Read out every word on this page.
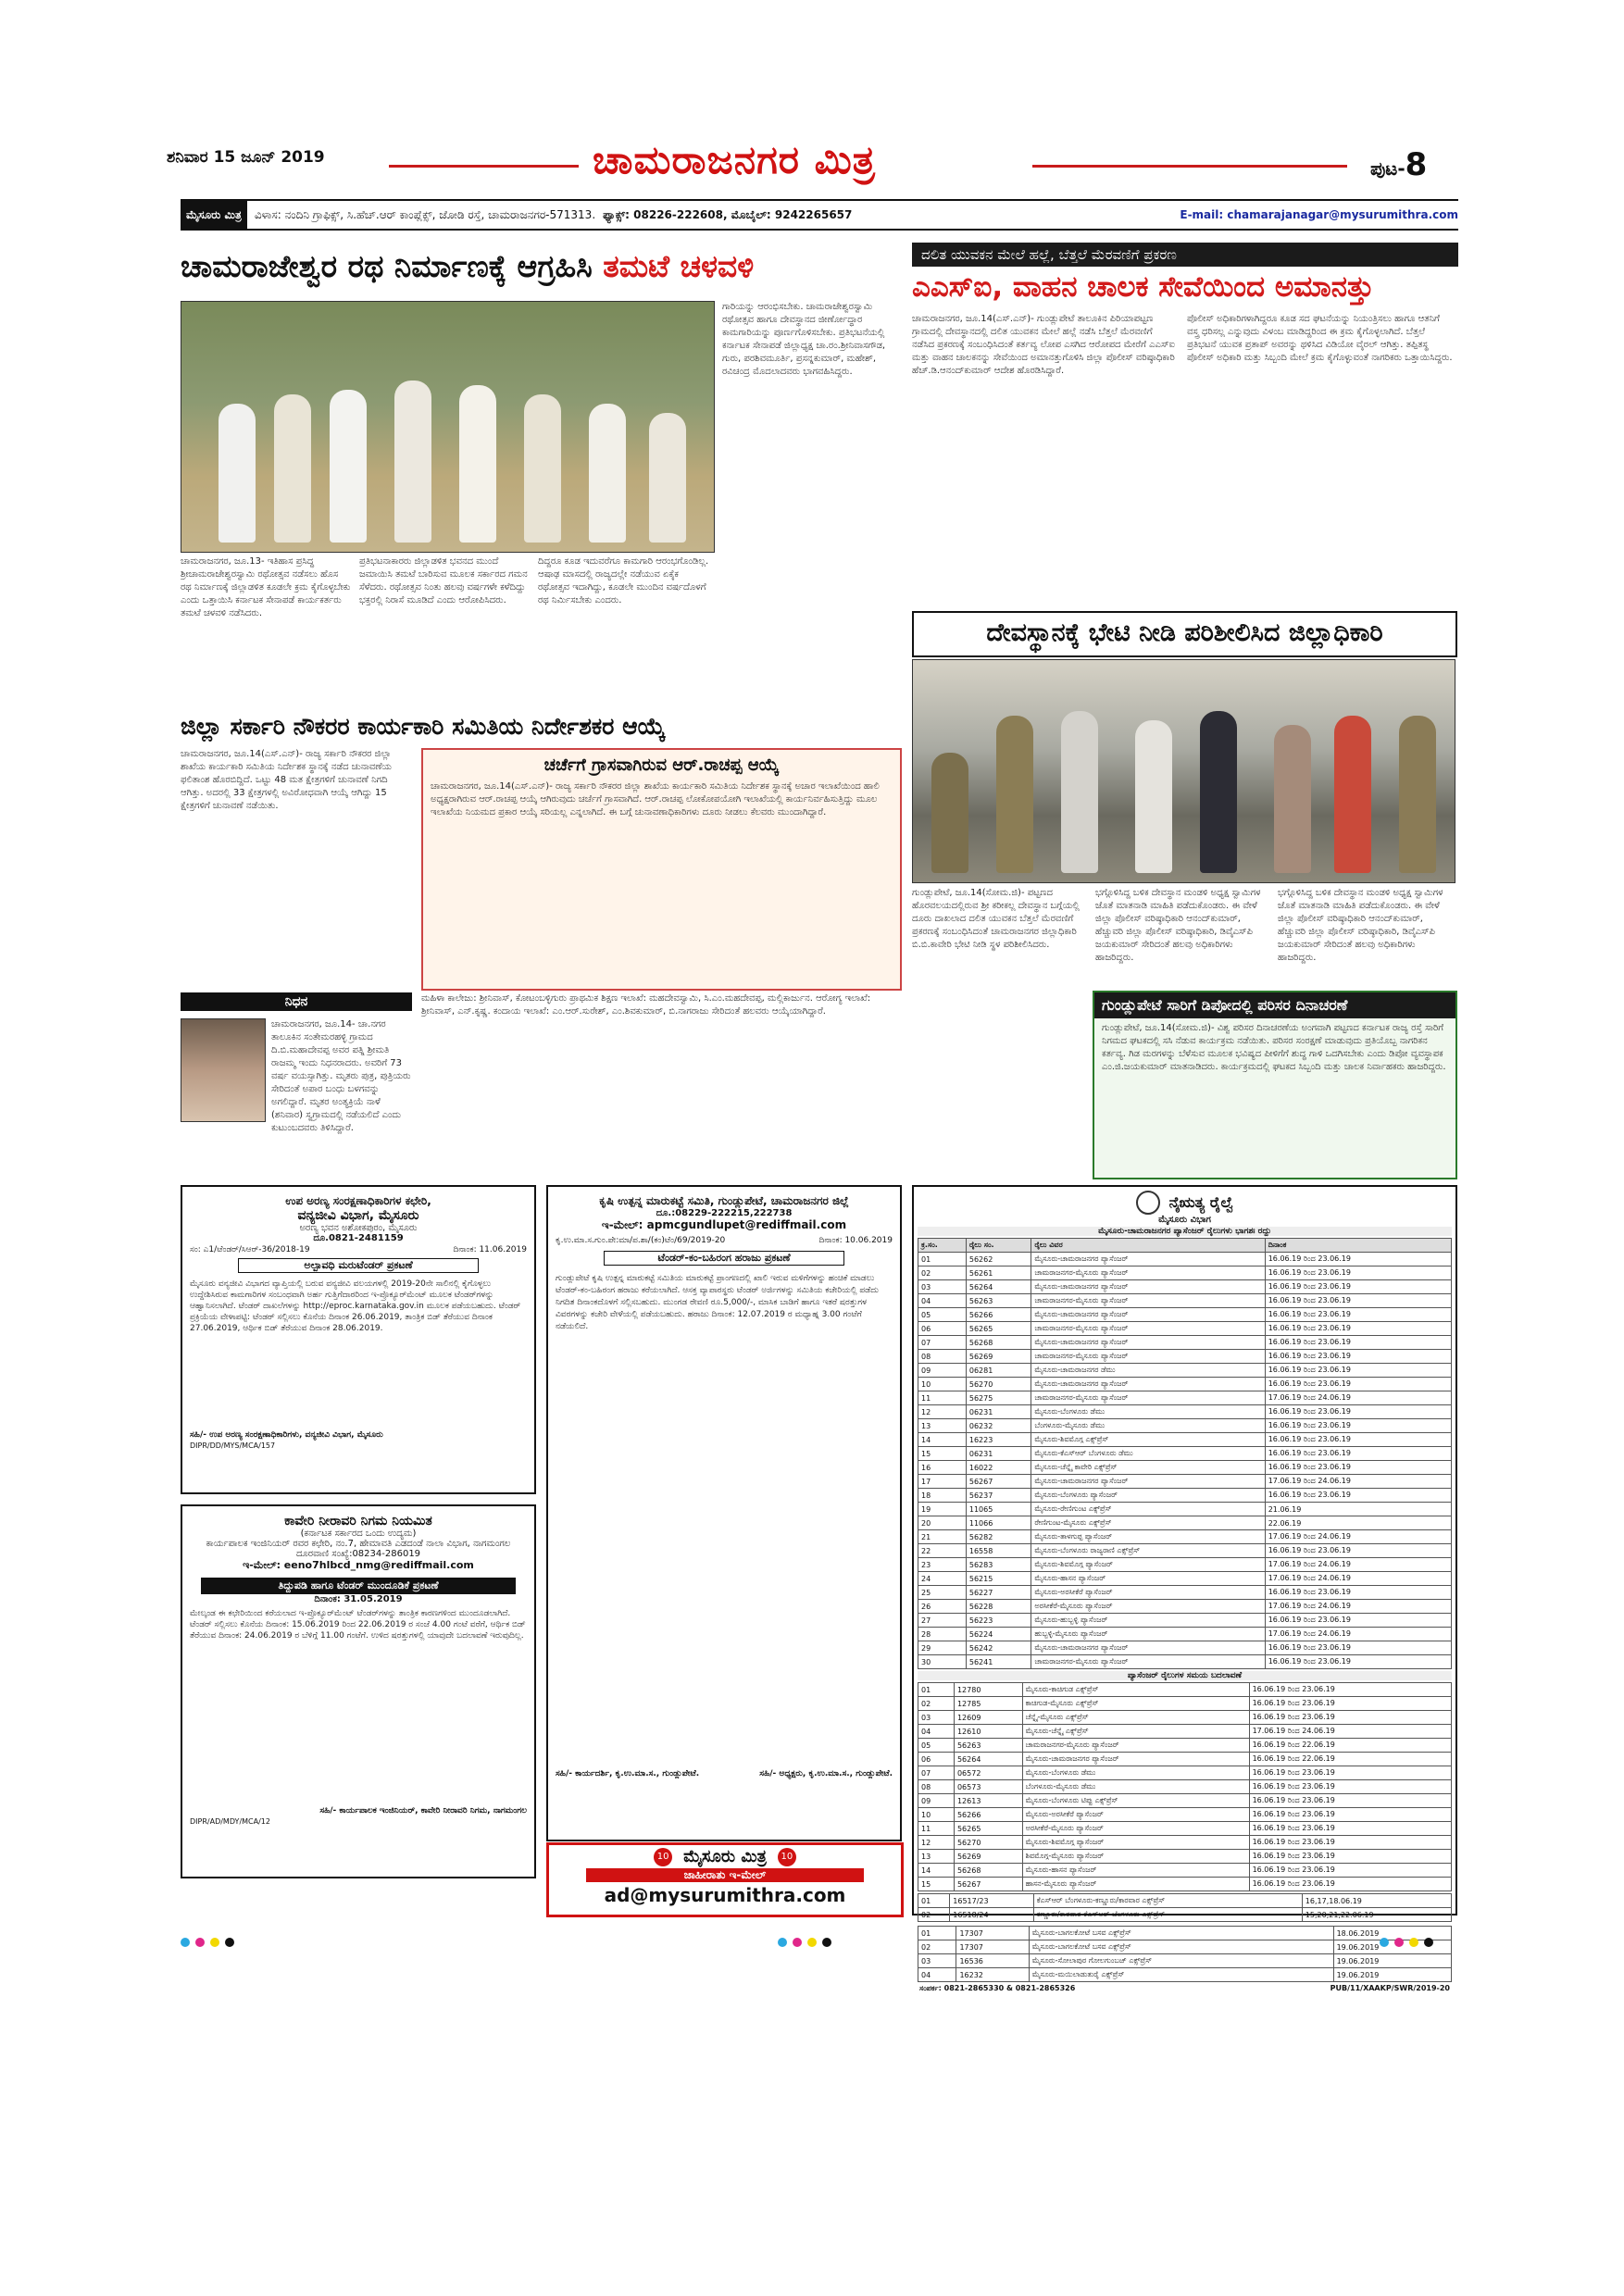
ಶನಿವಾರ 15 ಜೂನ್ 2019	ಚಾಮರಾಜನಗರ ಮಿತ್ರ	ಪುಟ-8
ಮೈಸೂರು ಮಿತ್ರ	ವಿಳಾಸ: ನಂದಿನಿ ಗ್ರಾಫಿಕ್ಸ್, ಸಿ.ಹೆಚ್.ಆರ್ ಕಾಂಪ್ಲೆಕ್ಸ್, ಜೋಡಿ ರಸ್ತೆ, ಚಾಮರಾಜನಗರ-571313. ಫ್ಯಾಕ್ಸ್: 08226-222608, ಮೊಬೈಲ್: 9242265657	E-mail: chamarajanagar@mysurumithra.com
ಚಾಮರಾಜೇಶ್ವರ ರಥ ನಿರ್ಮಾಣಕ್ಕೆ ಆಗ್ರಹಿಸಿ ತಮಟೆ ಚಳವಳಿ
ಗಾರಿಯನ್ನು ಆರಂಭಿಸಬೇಕು. ಚಾಮರಾಜೇಶ್ವರಸ್ವಾಮಿ ರಥೋತ್ಸವ ಹಾಗೂ ದೇವಸ್ಥಾನದ ಜೀರ್ಣೋದ್ಧಾರ ಕಾಮಗಾರಿಯನ್ನು ಪೂರ್ಣಗೊಳಿಸಬೇಕು. ಪ್ರತಿಭಟನೆಯಲ್ಲಿ ಕರ್ನಾಟಕ ಸೇನಾಪಡೆ ಜಿಲ್ಲಾಧ್ಯಕ್ಷ ಚಾ.ರಂ.ಶ್ರೀನಿವಾಸಗೌಡ, ಗುರು, ಪರಶಿವಮೂರ್ತಿ, ಪ್ರಸನ್ನಕುಮಾರ್, ಮಹೇಶ್, ರವಿಚಂದ್ರ ಮೊದಲಾದವರು ಭಾಗವಹಿಸಿದ್ದರು.
ಚಾಮರಾಜನಗರ, ಜೂ.13- ಇತಿಹಾಸ ಪ್ರಸಿದ್ಧ ಶ್ರೀಚಾಮರಾಜೇಶ್ವರಸ್ವಾಮಿ ರಥೋತ್ಸವ ನಡೆಸಲು ಹೊಸ ರಥ ನಿರ್ಮಾಣಕ್ಕೆ ಜಿಲ್ಲಾಡಳಿತ ಕೂಡಲೇ ಕ್ರಮ ಕೈಗೊಳ್ಳಬೇಕು ಎಂದು ಒತ್ತಾಯಿಸಿ ಕರ್ನಾಟಕ ಸೇನಾಪಡೆ ಕಾರ್ಯಕರ್ತರು ತಮಟೆ ಚಳವಳಿ ನಡೆಸಿದರು.
ಪ್ರತಿಭಟನಾಕಾರರು ಜಿಲ್ಲಾಡಳಿತ ಭವನದ ಮುಂದೆ ಜಮಾಯಿಸಿ ತಮಟೆ ಬಾರಿಸುವ ಮೂಲಕ ಸರ್ಕಾರದ ಗಮನ ಸೆಳೆದರು. ರಥೋತ್ಸವ ನಿಂತು ಹಲವು ವರ್ಷಗಳೇ ಕಳೆದಿದ್ದು ಭಕ್ತರಲ್ಲಿ ನಿರಾಸೆ ಮೂಡಿದೆ ಎಂದು ಆರೋಪಿಸಿದರು.
ದಿದ್ದರೂ ಕೂಡ ಇದುವರೆಗೂ ಕಾಮಗಾರಿ ಆರಂಭಗೊಂಡಿಲ್ಲ. ಆಷಾಢ ಮಾಸದಲ್ಲಿ ರಾಜ್ಯದಲ್ಲೇ ನಡೆಯುವ ಏಕೈಕ ರಥೋತ್ಸವ ಇದಾಗಿದ್ದು, ಕೂಡಲೇ ಮುಂದಿನ ವರ್ಷದೊಳಗೆ ರಥ ನಿರ್ಮಿಸಬೇಕು ಎಂದರು.
ದಲಿತ ಯುವಕನ ಮೇಲೆ ಹಲ್ಲೆ, ಬೆತ್ತಲೆ ಮೆರವಣಿಗೆ ಪ್ರಕರಣ
ಎಎಸ್‌ಐ, ವಾಹನ ಚಾಲಕ ಸೇವೆಯಿಂದ ಅಮಾನತ್ತು
ಚಾಮರಾಜನಗರ, ಜೂ.14(ಎಸ್.ಎನ್)- ಗುಂಡ್ಲುಪೇಟೆ ತಾಲೂಕಿನ ಪಿರಿಯಾಪಟ್ಟಣ ಗ್ರಾಮದಲ್ಲಿ ದೇವಸ್ಥಾನದಲ್ಲಿ ದಲಿತ ಯುವಕನ ಮೇಲೆ ಹಲ್ಲೆ ನಡೆಸಿ ಬೆತ್ತಲೆ ಮೆರವಣಿಗೆ ನಡೆಸಿದ ಪ್ರಕರಣಕ್ಕೆ ಸಂಬಂಧಿಸಿದಂತೆ ಕರ್ತವ್ಯ ಲೋಪ ಎಸಗಿದ ಆರೋಪದ ಮೇರೆಗೆ ಎಎಸ್‌ಐ ಮತ್ತು ವಾಹನ ಚಾಲಕನನ್ನು ಸೇವೆಯಿಂದ ಅಮಾನತ್ತುಗೊಳಿಸಿ ಜಿಲ್ಲಾ ಪೊಲೀಸ್ ವರಿಷ್ಠಾಧಿಕಾರಿ ಹೆಚ್.ಡಿ.ಆನಂದ್‌ಕುಮಾರ್ ಆದೇಶ ಹೊರಡಿಸಿದ್ದಾರೆ.
ಪೊಲೀಸ್ ಅಧಿಕಾರಿಗಳಾಗಿದ್ದರೂ ಕೂಡ ಸದ ಘಟನೆಯನ್ನು ನಿಯಂತ್ರಿಸಲು ಹಾಗೂ ಆತನಿಗೆ ವಸ್ತ್ರ ಧರಿಸಲ್ಲ ಎನ್ನುವುದು ವಿಳಂಬ ಮಾಡಿದ್ದರಿಂದ ಈ ಕ್ರಮ ಕೈಗೊಳ್ಳಲಾಗಿದೆ. ಬೆತ್ತಲೆ ಪ್ರತಿಭಟನೆ ಯುವಕ ಪ್ರತಾಪ್ ಅವರನ್ನು ಥಳಿಸಿದ ವಿಡಿಯೋ ವೈರಲ್ ಆಗಿತ್ತು. ತಪ್ಪಿತಸ್ಥ ಪೊಲೀಸ್ ಅಧಿಕಾರಿ ಮತ್ತು ಸಿಬ್ಬಂದಿ ಮೇಲೆ ಕ್ರಮ ಕೈಗೊಳ್ಳುವಂತೆ ನಾಗರಿಕರು ಒತ್ತಾಯಿಸಿದ್ದರು.
ದೇವಸ್ಥಾನಕ್ಕೆ ಭೇಟಿ ನೀಡಿ ಪರಿಶೀಲಿಸಿದ ಜಿಲ್ಲಾಧಿಕಾರಿ
ಗುಂಡ್ಲುಪೇಟೆ, ಜೂ.14(ಸೋಮ.ಜಿ)- ಪಟ್ಟಣದ ಹೊರವಲಯದಲ್ಲಿರುವ ಶ್ರೀ ಕರೀಕಲ್ಲ ದೇವಸ್ಥಾನ ಬಗ್ಗೆಯಲ್ಲಿ ದೂರು ದಾಖಲಾದ ದಲಿತ ಯುವಕನ ಬೆತ್ತಲೆ ಮೆರವಣಿಗೆ ಪ್ರಕರಣಕ್ಕೆ ಸಂಬಂಧಿಸಿದಂತೆ ಚಾಮರಾಜನಗರ ಜಿಲ್ಲಾಧಿಕಾರಿ ಬಿ.ಬಿ.ಕಾವೇರಿ ಭೇಟಿ ನೀಡಿ ಸ್ಥಳ ಪರಿಶೀಲಿಸಿದರು.
ಭಗ್ಗೊಳಿಸಿದ್ದ ಬಳಿಕ ದೇವಸ್ಥಾನ ಮಂಡಳಿ ಅಧ್ಯಕ್ಷ ಸ್ವಾಮಿಗಳ ಜೊತೆ ಮಾತನಾಡಿ ಮಾಹಿತಿ ಪಡೆದುಕೊಂಡರು. ಈ ವೇಳೆ ಜಿಲ್ಲಾ ಪೊಲೀಸ್ ವರಿಷ್ಠಾಧಿಕಾರಿ ಆನಂದ್‌ಕುಮಾರ್, ಹೆಚ್ಚುವರಿ ಜಿಲ್ಲಾ ಪೊಲೀಸ್ ವರಿಷ್ಠಾಧಿಕಾರಿ, ಡಿವೈಎಸ್‌ಪಿ ಜಯಕುಮಾರ್ ಸೇರಿದಂತೆ ಹಲವು ಅಧಿಕಾರಿಗಳು ಹಾಜರಿದ್ದರು.
ಭಗ್ಗೊಳಿಸಿದ್ದ ಬಳಿಕ ದೇವಸ್ಥಾನ ಮಂಡಳಿ ಅಧ್ಯಕ್ಷ ಸ್ವಾಮಿಗಳ ಜೊತೆ ಮಾತನಾಡಿ ಮಾಹಿತಿ ಪಡೆದುಕೊಂಡರು. ಈ ವೇಳೆ ಜಿಲ್ಲಾ ಪೊಲೀಸ್ ವರಿಷ್ಠಾಧಿಕಾರಿ ಆನಂದ್‌ಕುಮಾರ್, ಹೆಚ್ಚುವರಿ ಜಿಲ್ಲಾ ಪೊಲೀಸ್ ವರಿಷ್ಠಾಧಿಕಾರಿ, ಡಿವೈಎಸ್‌ಪಿ ಜಯಕುಮಾರ್ ಸೇರಿದಂತೆ ಹಲವು ಅಧಿಕಾರಿಗಳು ಹಾಜರಿದ್ದರು.
ಜಿಲ್ಲಾ ಸರ್ಕಾರಿ ನೌಕರರ ಕಾರ್ಯಕಾರಿ ಸಮಿತಿಯ ನಿರ್ದೇಶಕರ ಆಯ್ಕೆ
ಚಾಮರಾಜನಗರ, ಜೂ.14(ಎಸ್.ಎನ್)- ರಾಜ್ಯ ಸರ್ಕಾರಿ ನೌಕರರ ಜಿಲ್ಲಾ ಶಾಖೆಯ ಕಾರ್ಯಕಾರಿ ಸಮಿತಿಯ ನಿರ್ದೇಶಕ ಸ್ಥಾನಕ್ಕೆ ನಡೆದ ಚುನಾವಣೆಯ ಫಲಿತಾಂಶ ಹೊರಬಿದ್ದಿದೆ. ಒಟ್ಟು 48 ಮತ ಕ್ಷೇತ್ರಗಳಿಗೆ ಚುನಾವಣೆ ನಿಗದಿ ಆಗಿತ್ತು. ಅದರಲ್ಲಿ 33 ಕ್ಷೇತ್ರಗಳಲ್ಲಿ ಅವಿರೋಧವಾಗಿ ಆಯ್ಕೆ ಆಗಿದ್ದು 15 ಕ್ಷೇತ್ರಗಳಿಗೆ ಚುನಾವಣೆ ನಡೆಯಿತು.
ಚರ್ಚೆಗೆ ಗ್ರಾಸವಾಗಿರುವ ಆರ್.ರಾಚಪ್ಪ ಆಯ್ಕೆ
ಚಾಮರಾಜನಗರ, ಜೂ.14(ಎಸ್.ಎನ್)- ರಾಜ್ಯ ಸರ್ಕಾರಿ ನೌಕರರ ಜಿಲ್ಲಾ ಶಾಖೆಯ ಕಾರ್ಯಕಾರಿ ಸಮಿತಿಯ ನಿರ್ದೇಶಕ ಸ್ಥಾನಕ್ಕೆ ಅಚಾರ ಇಲಾಖೆಯಿಂದ ಹಾಲಿ ಅಧ್ಯಕ್ಷರಾಗಿರುವ ಆರ್.ರಾಚಪ್ಪ ಆಯ್ಕೆ ಆಗಿರುವುದು ಚರ್ಚೆಗೆ ಗ್ರಾಸವಾಗಿದೆ. ಆರ್.ರಾಚಪ್ಪ ಲೋಕೋಪಯೋಗಿ ಇಲಾಖೆಯಲ್ಲಿ ಕಾರ್ಯನಿರ್ವಹಿಸುತ್ತಿದ್ದು ಮೂಲ ಇಲಾಖೆಯ ನಿಯಮದ ಪ್ರಕಾರ ಆಯ್ಕೆ ಸರಿಯಲ್ಲ ಎನ್ನಲಾಗಿದೆ. ಈ ಬಗ್ಗೆ ಚುನಾವಣಾಧಿಕಾರಿಗಳು ದೂರು ನೀಡಲು ಕೆಲವರು ಮುಂದಾಗಿದ್ದಾರೆ.
ಮಹಿಳಾ ಕಾಲೇಜು: ಶ್ರೀನಿವಾಸ್, ಕೋಟಂಬಳ್ಳಿಗುರು ಪ್ರಾಥಮಿಕ ಶಿಕ್ಷಣ ಇಲಾಖೆ: ಮಹದೇವಸ್ವಾಮಿ, ಸಿ.ಎಂ.ಮಹದೇವಪ್ಪ, ಮಲ್ಲಿಕಾರ್ಜುನ. ಆರೋಗ್ಯ ಇಲಾಖೆ: ಶ್ರೀನಿವಾಸ್, ಎನ್.ಕೃಷ್ಣ. ಕಂದಾಯ ಇಲಾಖೆ: ಎಂ.ಆರ್.ಸುರೇಶ್, ಎಂ.ಶಿವಕುಮಾರ್, ಬಿ.ನಾಗರಾಜು ಸೇರಿದಂತೆ ಹಲವರು ಆಯ್ಕೆಯಾಗಿದ್ದಾರೆ.
ನಿಧನ
ಚಾಮರಾಜನಗರ, ಜೂ.14- ಚಾ.ನಗರ ತಾಲೂಕಿನ ಸಂತೇಮರಹಳ್ಳಿ ಗ್ರಾಮದ ದಿ.ಬಿ.ಮಹಾದೇವಪ್ಪ ಅವರ ಪತ್ನಿ ಶ್ರೀಮತಿ ರಾಜಮ್ಮ ಇಂದು ನಿಧನರಾದರು. ಅವರಿಗೆ 73 ವರ್ಷ ವಯಸ್ಸಾಗಿತ್ತು. ಮೃತರು ಪುತ್ರ, ಪುತ್ರಿಯರು ಸೇರಿದಂತೆ ಅಪಾರ ಬಂಧು ಬಳಗವನ್ನು ಅಗಲಿದ್ದಾರೆ. ಮೃತರ ಅಂತ್ಯಕ್ರಿಯೆ ನಾಳೆ (ಶನಿವಾರ) ಸ್ವಗ್ರಾಮದಲ್ಲಿ ನಡೆಯಲಿದೆ ಎಂದು ಕುಟುಂಬದವರು ತಿಳಿಸಿದ್ದಾರೆ.
ಗುಂಡ್ಲುಪೇಟೆ ಸಾರಿಗೆ ಡಿಪೋದಲ್ಲಿ ಪರಿಸರ ದಿನಾಚರಣೆ
ಗುಂಡ್ಲುಪೇಟೆ, ಜೂ.14(ಸೋಮ.ಜಿ)- ವಿಶ್ವ ಪರಿಸರ ದಿನಾಚರಣೆಯ ಅಂಗವಾಗಿ ಪಟ್ಟಣದ ಕರ್ನಾಟಕ ರಾಜ್ಯ ರಸ್ತೆ ಸಾರಿಗೆ ನಿಗಮದ ಘಟಕದಲ್ಲಿ ಸಸಿ ನೆಡುವ ಕಾರ್ಯಕ್ರಮ ನಡೆಯಿತು. ಪರಿಸರ ಸಂರಕ್ಷಣೆ ಮಾಡುವುದು ಪ್ರತಿಯೊಬ್ಬ ನಾಗರಿಕನ ಕರ್ತವ್ಯ. ಗಿಡ ಮರಗಳನ್ನು ಬೆಳೆಸುವ ಮೂಲಕ ಭವಿಷ್ಯದ ಪೀಳಿಗೆಗೆ ಶುದ್ಧ ಗಾಳಿ ಒದಗಿಸಬೇಕು ಎಂದು ಡಿಪೋ ವ್ಯವಸ್ಥಾಪಕ ಎಂ.ಜಿ.ಜಯಕುಮಾರ್ ಮಾತನಾಡಿದರು. ಕಾರ್ಯಕ್ರಮದಲ್ಲಿ ಘಟಕದ ಸಿಬ್ಬಂದಿ ಮತ್ತು ಚಾಲಕ ನಿರ್ವಾಹಕರು ಹಾಜರಿದ್ದರು.
ಉಪ ಅರಣ್ಯ ಸಂರಕ್ಷಣಾಧಿಕಾರಿಗಳ ಕಛೇರಿ,
ವನ್ಯಜೀವಿ ವಿಭಾಗ, ಮೈಸೂರು
ಅರಣ್ಯ ಭವನ ಅಶೋಕಪುರಂ, ಮೈಸೂರು
ದೂ.0821-2481159
ಸಂ: ಎ1/ಟೆಂಡರ್/ಸಿಆರ್-36/2018-19	ದಿನಾಂಕ: 11.06.2019
ಅಲ್ಪಾವಧಿ ಮರುಟೆಂಡರ್ ಪ್ರಕಟಣೆ
ಮೈಸೂರು ವನ್ಯಜೀವಿ ವಿಭಾಗದ ವ್ಯಾಪ್ತಿಯಲ್ಲಿ ಬರುವ ವನ್ಯಜೀವಿ ವಲಯಗಳಲ್ಲಿ 2019-20ನೇ ಸಾಲಿನಲ್ಲಿ ಕೈಗೊಳ್ಳಲು ಉದ್ದೇಶಿಸಿರುವ ಕಾಮಗಾರಿಗಳ ಸಂಬಂಧವಾಗಿ ಅರ್ಹ ಗುತ್ತಿಗೆದಾರರಿಂದ ಇ-ಪ್ರೊಕ್ಯೂರ್‌ಮೆಂಟ್ ಮೂಲಕ ಟೆಂಡರ್‌ಗಳನ್ನು ಆಹ್ವಾನಿಸಲಾಗಿದೆ. ಟೆಂಡರ್ ದಾಖಲೆಗಳನ್ನು http://eproc.karnataka.gov.in ಮೂಲಕ ಪಡೆಯಬಹುದು. ಟೆಂಡರ್ ಪ್ರಕ್ರಿಯೆಯ ವೇಳಾಪಟ್ಟಿ: ಟೆಂಡರ್ ಸಲ್ಲಿಸಲು ಕೊನೆಯ ದಿನಾಂಕ 26.06.2019, ತಾಂತ್ರಿಕ ಬಿಡ್ ತೆರೆಯುವ ದಿನಾಂಕ 27.06.2019, ಆರ್ಥಿಕ ಬಿಡ್ ತೆರೆಯುವ ದಿನಾಂಕ 28.06.2019.
ಸಹಿ/- ಉಪ ಅರಣ್ಯ ಸಂರಕ್ಷಣಾಧಿಕಾರಿಗಳು, ವನ್ಯಜೀವಿ ವಿಭಾಗ, ಮೈಸೂರು
DIPR/DD/MYS/MCA/157
ಕಾವೇರಿ ನೀರಾವರಿ ನಿಗಮ ನಿಯಮಿತ
(ಕರ್ನಾಟಕ ಸರ್ಕಾರದ ಒಂದು ಉದ್ಯಮ)
ಕಾರ್ಯಪಾಲಕ ಇಂಜಿನಿಯರ್ ರವರ ಕಛೇರಿ, ನಂ.7, ಹೇಮಾವತಿ ಎಡದಂಡೆ ನಾಲಾ ವಿಭಾಗ, ನಾಗಮಂಗಲ
ದೂರವಾಣಿ ಸಂಖ್ಯೆ:08234-286019
ಇ-ಮೇಲ್: eeno7hlbcd_nmg@rediffmail.com
ತಿದ್ದುಪಡಿ ಹಾಗೂ ಟೆಂಡರ್ ಮುಂದೂಡಿಕೆ ಪ್ರಕಟಣೆ
ದಿನಾಂಕ: 31.05.2019
ಮೇಲ್ಕಂಡ ಈ ಕಛೇರಿಯಿಂದ ಕರೆಯಲಾದ ಇ-ಪ್ರೊಕ್ಯೂರ್‌ಮೆಂಟ್ ಟೆಂಡರ್‌ಗಳನ್ನು ತಾಂತ್ರಿಕ ಕಾರಣಗಳಿಂದ ಮುಂದೂಡಲಾಗಿದೆ. ಟೆಂಡರ್ ಸಲ್ಲಿಸಲು ಕೊನೆಯ ದಿನಾಂಕ: 15.06.2019 ರಿಂದ 22.06.2019 ರ ಸಂಜೆ 4.00 ಗಂಟೆ ವರೆಗೆ, ಆರ್ಥಿಕ ಬಿಡ್ ತೆರೆಯುವ ದಿನಾಂಕ: 24.06.2019 ರ ಬೆಳಿಗ್ಗೆ 11.00 ಗಂಟೆಗೆ. ಉಳಿದ ಷರತ್ತುಗಳಲ್ಲಿ ಯಾವುದೇ ಬದಲಾವಣೆ ಇರುವುದಿಲ್ಲ.
ಸಹಿ/- ಕಾರ್ಯಪಾಲಕ ಇಂಜಿನಿಯರ್, ಕಾವೇರಿ ನೀರಾವರಿ ನಿಗಮ, ನಾಗಮಂಗಲ
DIPR/AD/MDY/MCA/12
ಕೃಷಿ ಉತ್ಪನ್ನ ಮಾರುಕಟ್ಟೆ ಸಮಿತಿ, ಗುಂಡ್ಲುಪೇಟೆ, ಚಾಮರಾಜನಗರ ಜಿಲ್ಲೆ
ದೂ.:08229-222215,222738
ಇ-ಮೇಲ್: apmcgundlupet@rediffmail.com
ಕೃ.ಉ.ಮಾ.ಸ.ಗುಂ.ಪೇ:ಮಾ/ಪ.ಶಾ/(ಕಂ)ಟೆಂ/69/2019-20	ದಿನಾಂಕ: 10.06.2019
ಟೆಂಡರ್-ಕಂ-ಬಹಿರಂಗ ಹರಾಜು ಪ್ರಕಟಣೆ
ಗುಂಡ್ಲುಪೇಟೆ ಕೃಷಿ ಉತ್ಪನ್ನ ಮಾರುಕಟ್ಟೆ ಸಮಿತಿಯ ಮಾರುಕಟ್ಟೆ ಪ್ರಾಂಗಣದಲ್ಲಿ ಖಾಲಿ ಇರುವ ಮಳಿಗೆಗಳನ್ನು ಹಂಚಿಕೆ ಮಾಡಲು ಟೆಂಡರ್-ಕಂ-ಬಹಿರಂಗ ಹರಾಜು ಕರೆಯಲಾಗಿದೆ. ಆಸಕ್ತ ವ್ಯಾಪಾರಸ್ಥರು ಟೆಂಡರ್ ಅರ್ಜಿಗಳನ್ನು ಸಮಿತಿಯ ಕಚೇರಿಯಲ್ಲಿ ಪಡೆದು ನಿಗದಿತ ದಿನಾಂಕದೊಳಗೆ ಸಲ್ಲಿಸಬಹುದು. ಮುಂಗಡ ಠೇವಣಿ ರೂ.5,000/-, ಮಾಸಿಕ ಬಾಡಿಗೆ ಹಾಗೂ ಇತರೆ ಷರತ್ತುಗಳ ವಿವರಗಳನ್ನು ಕಚೇರಿ ವೇಳೆಯಲ್ಲಿ ಪಡೆಯಬಹುದು. ಹರಾಜು ದಿನಾಂಕ: 12.07.2019 ರ ಮಧ್ಯಾಹ್ನ 3.00 ಗಂಟೆಗೆ ನಡೆಯಲಿದೆ.
ಸಹಿ/- ಕಾರ್ಯದರ್ಶಿ, ಕೃ.ಉ.ಮಾ.ಸ., ಗುಂಡ್ಲುಪೇಟೆ.	ಸಹಿ/- ಅಧ್ಯಕ್ಷರು, ಕೃ.ಉ.ಮಾ.ಸ., ಗುಂಡ್ಲುಪೇಟೆ.
10 ಮೈಸೂರು ಮಿತ್ರ	10
ಜಾಹೀರಾತು ಇ-ಮೇಲ್
ad@mysurumithra.com
ನೈಋತ್ಯ ರೈಲ್ವೆ
ಮೈಸೂರು ವಿಭಾಗ
ಮೈಸೂರು-ಚಾಮರಾಜನಗರ ಪ್ಯಾಸೆಂಜರ್ ರೈಲುಗಳು ಭಾಗಶಃ ರದ್ದು
ಕ್ರ.ಸಂ.	ರೈಲು ಸಂ.	ರೈಲು ವಿವರ	ದಿನಾಂಕ
01	56262	ಮೈಸೂರು-ಚಾಮರಾಜನಗರ ಪ್ಯಾಸೆಂಜರ್	16.06.19 ರಿಂದ 23.06.19
02	56261	ಚಾಮರಾಜನಗರ-ಮೈಸೂರು ಪ್ಯಾಸೆಂಜರ್	16.06.19 ರಿಂದ 23.06.19
03	56264	ಮೈಸೂರು-ಚಾಮರಾಜನಗರ ಪ್ಯಾಸೆಂಜರ್	16.06.19 ರಿಂದ 23.06.19
04	56263	ಚಾಮರಾಜನಗರ-ಮೈಸೂರು ಪ್ಯಾಸೆಂಜರ್	16.06.19 ರಿಂದ 23.06.19
05	56266	ಮೈಸೂರು-ಚಾಮರಾಜನಗರ ಪ್ಯಾಸೆಂಜರ್	16.06.19 ರಿಂದ 23.06.19
06	56265	ಚಾಮರಾಜನಗರ-ಮೈಸೂರು ಪ್ಯಾಸೆಂಜರ್	16.06.19 ರಿಂದ 23.06.19
07	56268	ಮೈಸೂರು-ಚಾಮರಾಜನಗರ ಪ್ಯಾಸೆಂಜರ್	16.06.19 ರಿಂದ 23.06.19
08	56269	ಚಾಮರಾಜನಗರ-ಮೈಸೂರು ಪ್ಯಾಸೆಂಜರ್	16.06.19 ರಿಂದ 23.06.19
09	06281	ಮೈಸೂರು-ಚಾಮರಾಜನಗರ ಡೆಮು	16.06.19 ರಿಂದ 23.06.19
10	56270	ಮೈಸೂರು-ಚಾಮರಾಜನಗರ ಪ್ಯಾಸೆಂಜರ್	16.06.19 ರಿಂದ 23.06.19
11	56275	ಚಾಮರಾಜನಗರ-ಮೈಸೂರು ಪ್ಯಾಸೆಂಜರ್	17.06.19 ರಿಂದ 24.06.19
12	06231	ಮೈಸೂರು-ಬೆಂಗಳೂರು ಡೆಮು	16.06.19 ರಿಂದ 23.06.19
13	06232	ಬೆಂಗಳೂರು-ಮೈಸೂರು ಡೆಮು	16.06.19 ರಿಂದ 23.06.19
14	16223	ಮೈಸೂರು-ಶಿವಮೊಗ್ಗ ಎಕ್ಸ್‌ಪ್ರೆಸ್	16.06.19 ರಿಂದ 23.06.19
15	06231	ಮೈಸೂರು-ಕೆಎಸ್‌ಆರ್ ಬೆಂಗಳೂರು ಡೆಮು	16.06.19 ರಿಂದ 23.06.19
16	16022	ಮೈಸೂರು-ಚೆನ್ನೈ ಕಾವೇರಿ ಎಕ್ಸ್‌ಪ್ರೆಸ್	16.06.19 ರಿಂದ 23.06.19
17	56267	ಮೈಸೂರು-ಚಾಮರಾಜನಗರ ಪ್ಯಾಸೆಂಜರ್	17.06.19 ರಿಂದ 24.06.19
18	56237	ಮೈಸೂರು-ಬೆಂಗಳೂರು ಪ್ಯಾಸೆಂಜರ್	16.06.19 ರಿಂದ 23.06.19
19	11065	ಮೈಸೂರು-ರೇಣಿಗುಂಟ ಎಕ್ಸ್‌ಪ್ರೆಸ್	21.06.19
20	11066	ರೇಣಿಗುಂಟ-ಮೈಸೂರು ಎಕ್ಸ್‌ಪ್ರೆಸ್	22.06.19
21	56282	ಮೈಸೂರು-ತಾಳಗುಪ್ಪ ಪ್ಯಾಸೆಂಜರ್	17.06.19 ರಿಂದ 24.06.19
22	16558	ಮೈಸೂರು-ಬೆಂಗಳೂರು ರಾಜ್ಯರಾಣಿ ಎಕ್ಸ್‌ಪ್ರೆಸ್	16.06.19 ರಿಂದ 23.06.19
23	56283	ಮೈಸೂರು-ಶಿವಮೊಗ್ಗ ಪ್ಯಾಸೆಂಜರ್	17.06.19 ರಿಂದ 24.06.19
24	56215	ಮೈಸೂರು-ಹಾಸನ ಪ್ಯಾಸೆಂಜರ್	17.06.19 ರಿಂದ 24.06.19
25	56227	ಮೈಸೂರು-ಅರಸೀಕೆರೆ ಪ್ಯಾಸೆಂಜರ್	16.06.19 ರಿಂದ 23.06.19
26	56228	ಅರಸೀಕೆರೆ-ಮೈಸೂರು ಪ್ಯಾಸೆಂಜರ್	17.06.19 ರಿಂದ 24.06.19
27	56223	ಮೈಸೂರು-ಹುಬ್ಬಳ್ಳಿ ಪ್ಯಾಸೆಂಜರ್	16.06.19 ರಿಂದ 23.06.19
28	56224	ಹುಬ್ಬಳ್ಳಿ-ಮೈಸೂರು ಪ್ಯಾಸೆಂಜರ್	17.06.19 ರಿಂದ 24.06.19
29	56242	ಮೈಸೂರು-ಚಾಮರಾಜನಗರ ಪ್ಯಾಸೆಂಜರ್	16.06.19 ರಿಂದ 23.06.19
30	56241	ಚಾಮರಾಜನಗರ-ಮೈಸೂರು ಪ್ಯಾಸೆಂಜರ್	16.06.19 ರಿಂದ 23.06.19
ಪ್ಯಾಸೆಂಜರ್ ರೈಲುಗಳ ಸಮಯ ಬದಲಾವಣೆ
01	12780	ಮೈಸೂರು-ಕಾಚಿಗುಡ ಎಕ್ಸ್‌ಪ್ರೆಸ್	16.06.19 ರಿಂದ 23.06.19
02	12785	ಕಾಚಿಗುಡ-ಮೈಸೂರು ಎಕ್ಸ್‌ಪ್ರೆಸ್	16.06.19 ರಿಂದ 23.06.19
03	12609	ಚೆನ್ನೈ-ಮೈಸೂರು ಎಕ್ಸ್‌ಪ್ರೆಸ್	16.06.19 ರಿಂದ 23.06.19
04	12610	ಮೈಸೂರು-ಚೆನ್ನೈ ಎಕ್ಸ್‌ಪ್ರೆಸ್	17.06.19 ರಿಂದ 24.06.19
05	56263	ಚಾಮರಾಜನಗರ-ಮೈಸೂರು ಪ್ಯಾಸೆಂಜರ್	16.06.19 ರಿಂದ 22.06.19
06	56264	ಮೈಸೂರು-ಚಾಮರಾಜನಗರ ಪ್ಯಾಸೆಂಜರ್	16.06.19 ರಿಂದ 22.06.19
07	06572	ಮೈಸೂರು-ಬೆಂಗಳೂರು ಡೆಮು	16.06.19 ರಿಂದ 23.06.19
08	06573	ಬೆಂಗಳೂರು-ಮೈಸೂರು ಡೆಮು	16.06.19 ರಿಂದ 23.06.19
09	12613	ಮೈಸೂರು-ಬೆಂಗಳೂರು ಟಿಪ್ಪು ಎಕ್ಸ್‌ಪ್ರೆಸ್	16.06.19 ರಿಂದ 23.06.19
10	56266	ಮೈಸೂರು-ಅರಸೀಕೆರೆ ಪ್ಯಾಸೆಂಜರ್	16.06.19 ರಿಂದ 23.06.19
11	56265	ಅರಸೀಕೆರೆ-ಮೈಸೂರು ಪ್ಯಾಸೆಂಜರ್	16.06.19 ರಿಂದ 23.06.19
12	56270	ಮೈಸೂರು-ಶಿವಮೊಗ್ಗ ಪ್ಯಾಸೆಂಜರ್	16.06.19 ರಿಂದ 23.06.19
13	56269	ಶಿವಮೊಗ್ಗ-ಮೈಸೂರು ಪ್ಯಾಸೆಂಜರ್	16.06.19 ರಿಂದ 23.06.19
14	56268	ಮೈಸೂರು-ಹಾಸನ ಪ್ಯಾಸೆಂಜರ್	16.06.19 ರಿಂದ 23.06.19
15	56267	ಹಾಸನ-ಮೈಸೂರು ಪ್ಯಾಸೆಂಜರ್	16.06.19 ರಿಂದ 23.06.19
01	16517/23	ಕೆಎಸ್‌ಆರ್ ಬೆಂಗಳೂರು-ಕಣ್ಣೂರು/ಕಾರವಾರ ಎಕ್ಸ್‌ಪ್ರೆಸ್	16,17,18.06.19
02	16518/24	ಕಣ್ಣೂರು/ಕಾರವಾರ-ಕೆಎಸ್‌ಆರ್ ಬೆಂಗಳೂರು ಎಕ್ಸ್‌ಪ್ರೆಸ್	15,20,21,22.06.19
01	17307	ಮೈಸೂರು-ಬಾಗಲಕೋಟೆ ಬಸವ ಎಕ್ಸ್‌ಪ್ರೆಸ್	18.06.2019
02	17307	ಮೈಸೂರು-ಬಾಗಲಕೋಟೆ ಬಸವ ಎಕ್ಸ್‌ಪ್ರೆಸ್	19.06.2019
03	16536	ಮೈಸೂರು-ಸೋಲಾಪುರ ಗೋಲಗುಂಬಜ್ ಎಕ್ಸ್‌ಪ್ರೆಸ್	19.06.2019
04	16232	ಮೈಸೂರು-ಮಯಿಲಾಡುತುರೈ ಎಕ್ಸ್‌ಪ್ರೆಸ್	19.06.2019
ಸಂಪರ್ಕ: 0821-2865330 & 0821-2865326	PUB/11/XAAKP/SWR/2019-20
